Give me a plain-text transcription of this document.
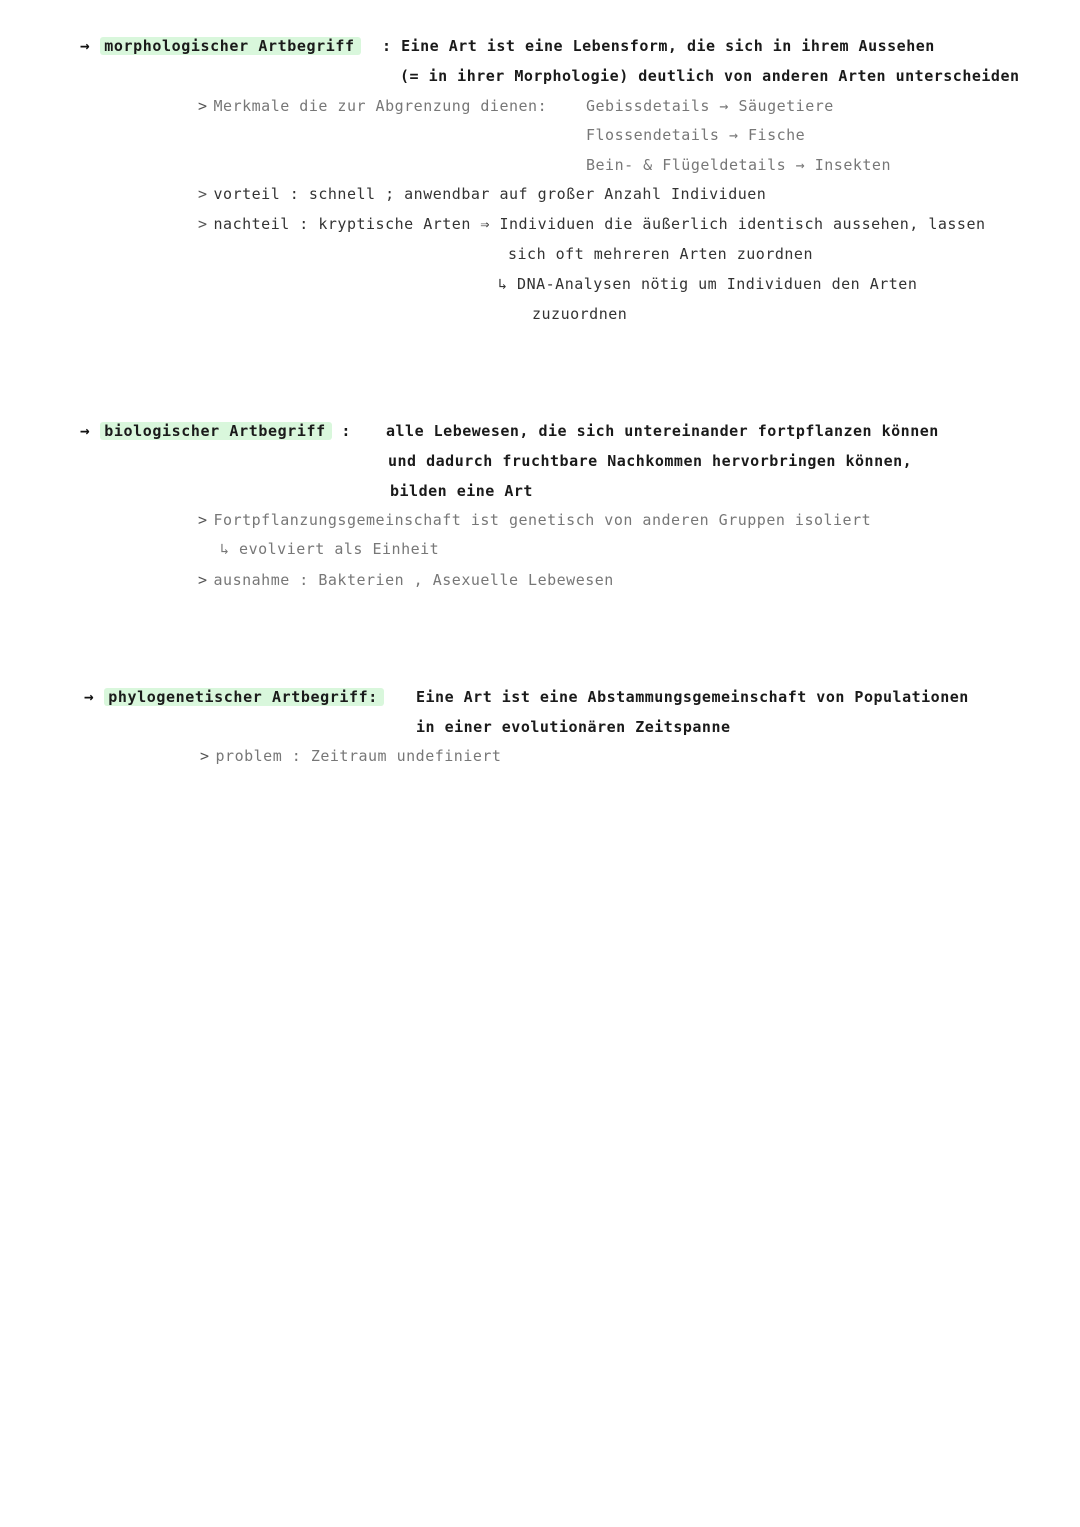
→ morphologischer Artbegriff	: Eine Art ist eine Lebensform, die sich in ihrem Aussehen
(= in ihrer Morphologie) deutlich von anderen Arten unterscheiden
> Merkmale die zur Abgrenzung dienen:	Gebissdetails → Säugetiere
Flossendetails → Fische
Bein- & Flügeldetails → Insekten
> vorteil : schnell ; anwendbar auf großer Anzahl Individuen
> nachteil : kryptische Arten ⇒ Individuen die äußerlich identisch aussehen, lassen
sich oft mehreren Arten zuordnen
↳ DNA-Analysen nötig um Individuen den Arten
zuzuordnen
→ biologischer Artbegriff : alle Lebewesen, die sich untereinander fortpflanzen können
und dadurch fruchtbare Nachkommen hervorbringen können,
bilden eine Art
> Fortpflanzungsgemeinschaft ist genetisch von anderen Gruppen isoliert
↳ evolviert als Einheit
> ausnahme : Bakterien , Asexuelle Lebewesen
→ phylogenetischer Artbegriff:	Eine Art ist eine Abstammungsgemeinschaft von Populationen
in einer evolutionären Zeitspanne
> problem : Zeitraum undefiniert
